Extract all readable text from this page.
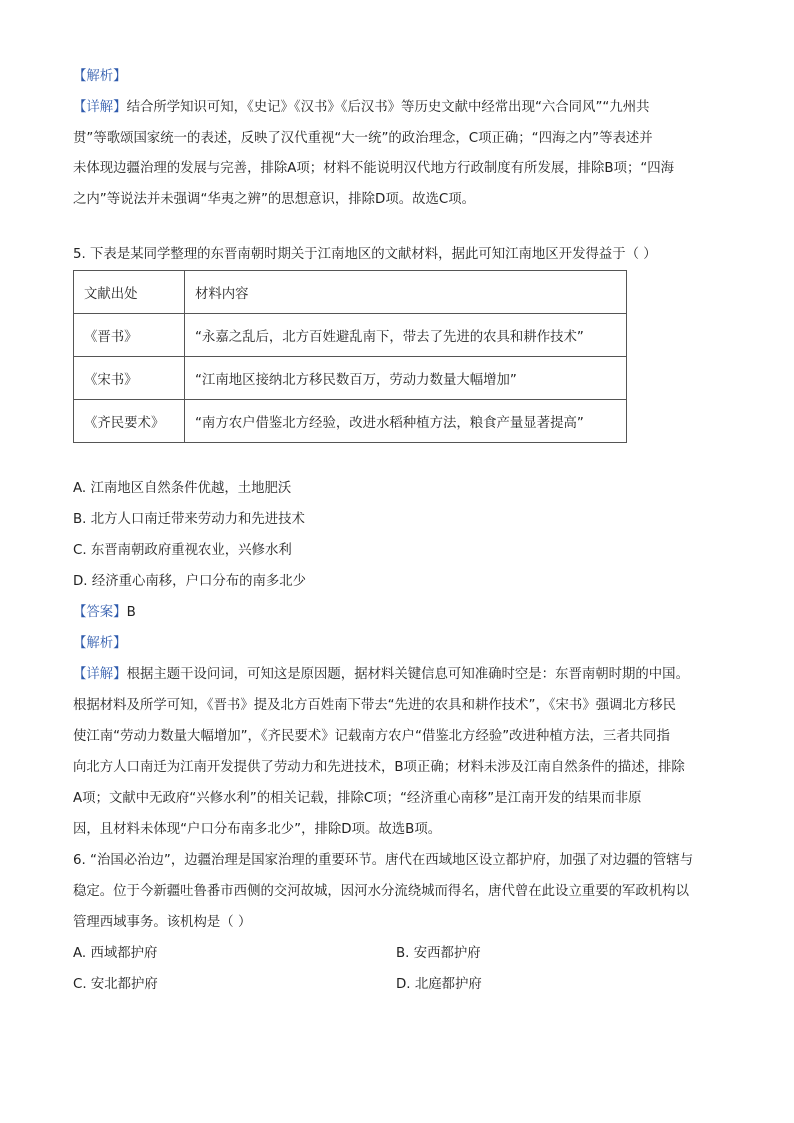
【解析】

【详解】结合所学知识可知，《史记》《汉书》《后汉书》等历史文献中经常出现“六合同风”“九州共

贯”等歌颂国家统一的表述，反映了汉代重视“大一统”的政治理念，C项正确；“四海之内”等表述并

未体现边疆治理的发展与完善，排除A项；材料不能说明汉代地方行政制度有所发展，排除B项；“四海

之内”等说法并未强调“华夷之辨”的思想意识，排除D项。故选C项。

5. 下表是某同学整理的东晋南朝时期关于江南地区的文献材料，据此可知江南地区开发得益于（ ）

文献出处	材料内容
《晋书》	“永嘉之乱后，北方百姓避乱南下，带去了先进的农具和耕作技术”
《宋书》	“江南地区接纳北方移民数百万，劳动力数量大幅增加”
《齐民要术》	“南方农户借鉴北方经验，改进水稻种植方法，粮食产量显著提高”

A. 江南地区自然条件优越，土地肥沃

B. 北方人口南迁带来劳动力和先进技术

C. 东晋南朝政府重视农业，兴修水利

D. 经济重心南移，户口分布的南多北少

【答案】B

【解析】

【详解】根据主题干设问词，可知这是原因题，据材料关键信息可知准确时空是：东晋南朝时期的中国。

根据材料及所学可知，《晋书》提及北方百姓南下带去“先进的农具和耕作技术”，《宋书》强调北方移民

使江南“劳动力数量大幅增加”，《齐民要术》记载南方农户“借鉴北方经验”改进种植方法，三者共同指

向北方人口南迁为江南开发提供了劳动力和先进技术，B项正确；材料未涉及江南自然条件的描述，排除

A项；文献中无政府“兴修水利”的相关记载，排除C项；“经济重心南移”是江南开发的结果而非原

因，且材料未体现“户口分布南多北少”，排除D项。故选B项。

6. “治国必治边”，边疆治理是国家治理的重要环节。唐代在西域地区设立都护府，加强了对边疆的管辖与

稳定。位于今新疆吐鲁番市西侧的交河故城，因河水分流绕城而得名，唐代曾在此设立重要的军政机构以

管理西域事务。该机构是（ ）

A. 西域都护府	B. 安西都护府
C. 安北都护府	D. 北庭都护府
